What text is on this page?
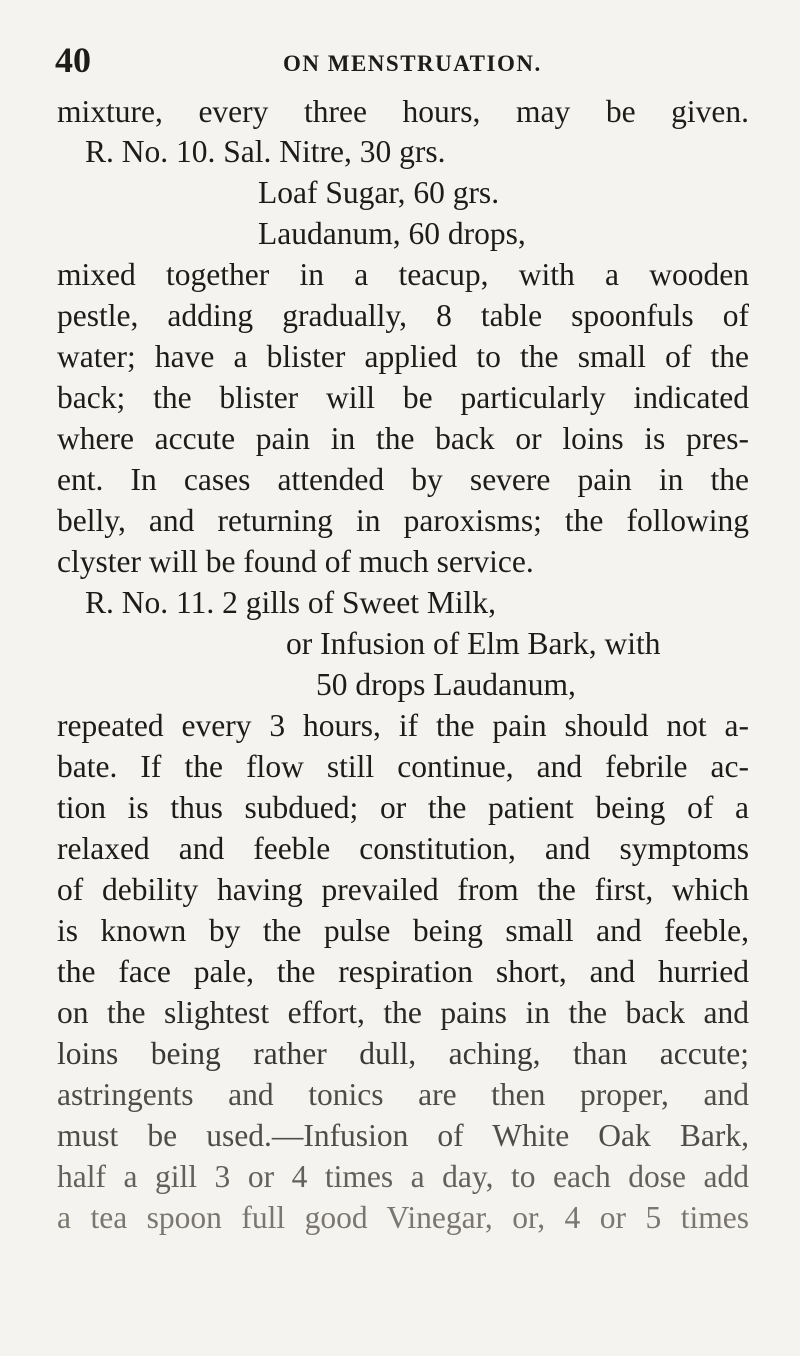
40	ON MENSTRUATION.
mixture, every three hours, may be given.
R. No. 10. Sal. Nitre, 30 grs.
Loaf Sugar, 60 grs.
Laudanum, 60 drops,
mixed together in a teacup, with a wooden
pestle, adding gradually, 8 table spoonfuls of
water; have a blister applied to the small of the
back; the blister will be particularly indicated
where accute pain in the back or loins is pres-
ent. In cases attended by severe pain in the
belly, and returning in paroxisms; the following
clyster will be found of much service.
R. No. 11. 2 gills of Sweet Milk,
or Infusion of Elm Bark, with
50 drops Laudanum,
repeated every 3 hours, if the pain should not a-
bate. If the flow still continue, and febrile ac-
tion is thus subdued; or the patient being of a
relaxed and feeble constitution, and symptoms
of debility having prevailed from the first, which
is known by the pulse being small and feeble,
the face pale, the respiration short, and hurried
on the slightest effort, the pains in the back and
loins being rather dull, aching, than accute;
astringents and tonics are then proper, and
must be used.—Infusion of White Oak Bark,
half a gill 3 or 4 times a day, to each dose add
a tea spoon full good Vinegar, or, 4 or 5 times
